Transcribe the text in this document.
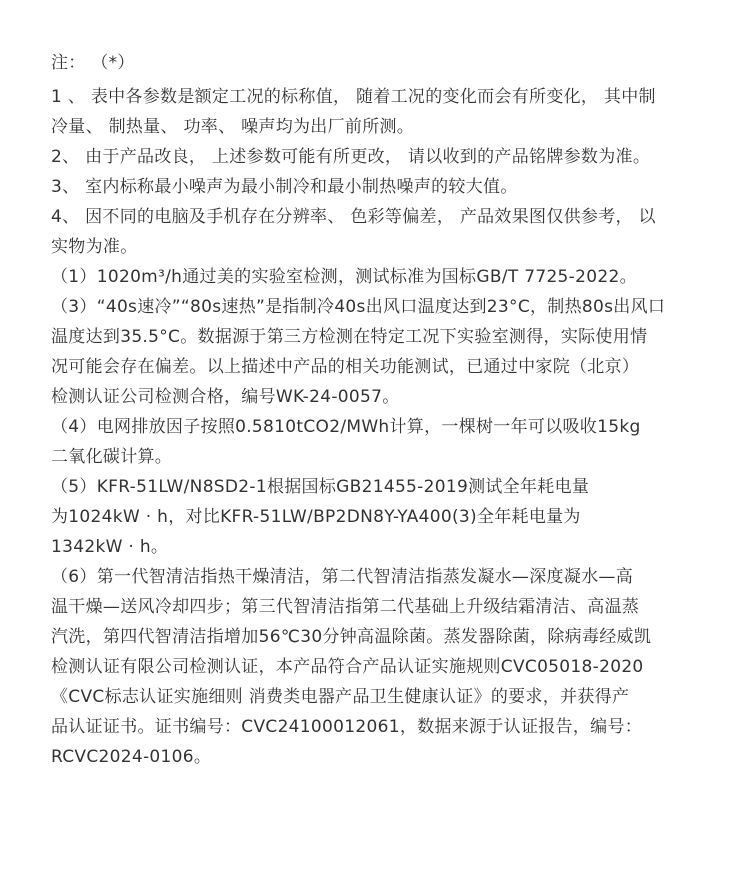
注： （*）
1 、 表中各参数是额定工况的标称值， 随着工况的变化而会有所变化， 其中制
冷量、 制热量、 功率、 噪声均为出厂前所测。
2、 由于产品改良， 上述参数可能有所更改， 请以收到的产品铭牌参数为准。
3、 室内标称最小噪声为最小制冷和最小制热噪声的较大值。
4、 因不同的电脑及手机存在分辨率、 色彩等偏差， 产品效果图仅供参考， 以
实物为准。
（1）1020m³/h通过美的实验室检测，测试标准为国标GB/T 7725-2022。
（3）“40s速冷”“80s速热”是指制冷40s出风口温度达到23°C，制热80s出风口
温度达到35.5°C。数据源于第三方检测在特定工况下实验室测得，实际使用情
况可能会存在偏差。以上描述中产品的相关功能测试，已通过中家院（北京）
检测认证公司检测合格，编号WK-24-0057。
（4）电网排放因子按照0.5810tCO2/MWh计算，一棵树一年可以吸收15kg
二氧化碳计算。
（5）KFR-51LW/N8SD2-1根据国标GB21455-2019测试全年耗电量
为1024kW · h，对比KFR-51LW/BP2DN8Y-YA400(3)全年耗电量为
1342kW · h。
（6）第一代智清洁指热干燥清洁，第二代智清洁指蒸发凝水—深度凝水—高
温干燥—送风冷却四步；第三代智清洁指第二代基础上升级结霜清洁、高温蒸
汽洗，第四代智清洁指增加56℃30分钟高温除菌。蒸发器除菌，除病毒经威凯
检测认证有限公司检测认证，本产品符合产品认证实施规则CVC05018-2020
《CVC标志认证实施细则 消费类电器产品卫生健康认证》的要求，并获得产
品认证证书。证书编号：CVC24100012061，数据来源于认证报告，编号：
RCVC2024-0106。
